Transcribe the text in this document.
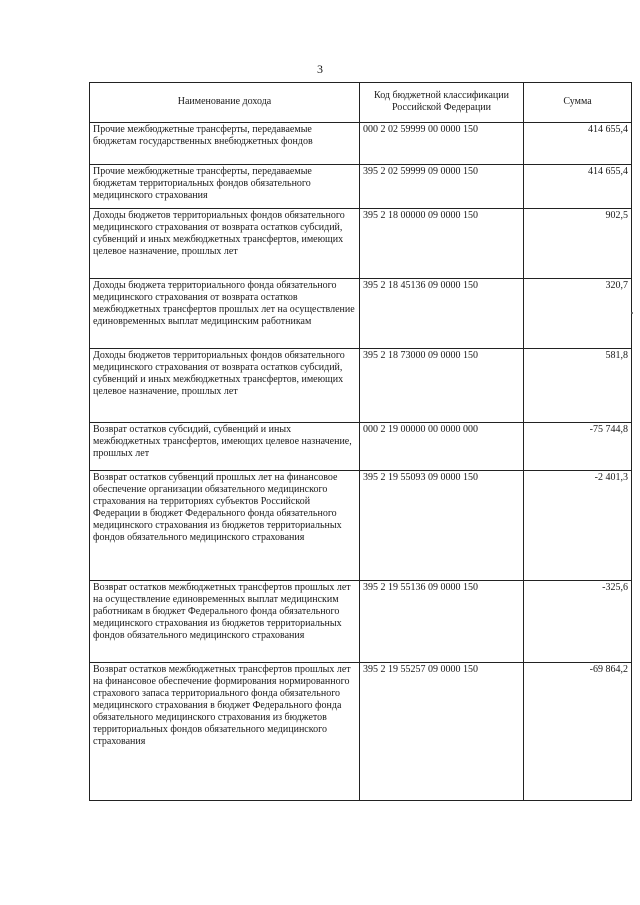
3
Наименование дохода	Код бюджетной классификации Российской Федерации	Сумма
Прочие межбюджетные трансферты, передаваемые бюджетам государственных внебюджетных фондов	000 2 02 59999 00 0000 150	414 655,4
Прочие межбюджетные трансферты, передаваемые бюджетам территориальных фондов обязательного медицинского страхования	395 2 02 59999 09 0000 150	414 655,4
Доходы бюджетов территориальных фондов обязательного медицинского страхования от возврата остатков субсидий, субвенций и иных межбюджетных трансфертов, имеющих целевое назначение, прошлых лет	395 2 18 00000 09 0000 150	902,5
Доходы бюджета территориального фонда обязательного медицинского страхования от возврата остатков межбюджетных трансфертов прошлых лет на осуществление единовременных выплат медицинским работникам	395 2 18 45136 09 0000 150	320,7
Доходы бюджетов территориальных фондов обязательного медицинского страхования от возврата остатков субсидий, субвенций и иных межбюджетных трансфертов, имеющих целевое назначение, прошлых лет	395 2 18 73000 09 0000 150	581,8
Возврат остатков субсидий, субвенций и иных межбюджетных трансфертов, имеющих целевое назначение, прошлых лет	000 2 19 00000 00 0000 000	-75 744,8
Возврат остатков субвенций прошлых лет на финансовое обеспечение организации обязательного медицинского страхования на территориях субъектов Российской Федерации в бюджет Федерального фонда обязательного медицинского страхования из бюджетов территориальных фондов обязательного медицинского страхования	395 2 19 55093 09 0000 150	-2 401,3
Возврат остатков межбюджетных трансфертов прошлых лет на осуществление единовременных выплат медицинским работникам в бюджет Федерального фонда обязательного медицинского страхования из бюджетов территориальных фондов обязательного медицинского страхования	395 2 19 55136 09 0000 150	-325,6
Возврат остатков межбюджетных трансфертов прошлых лет на финансовое обеспечение формирования нормированного страхового запаса территориального фонда обязательного медицинского страхования в бюджет Федерального фонда обязательного медицинского страхования из бюджетов территориальных фондов обязательного медицинского страхования	395 2 19 55257 09 0000 150	-69 864,2
